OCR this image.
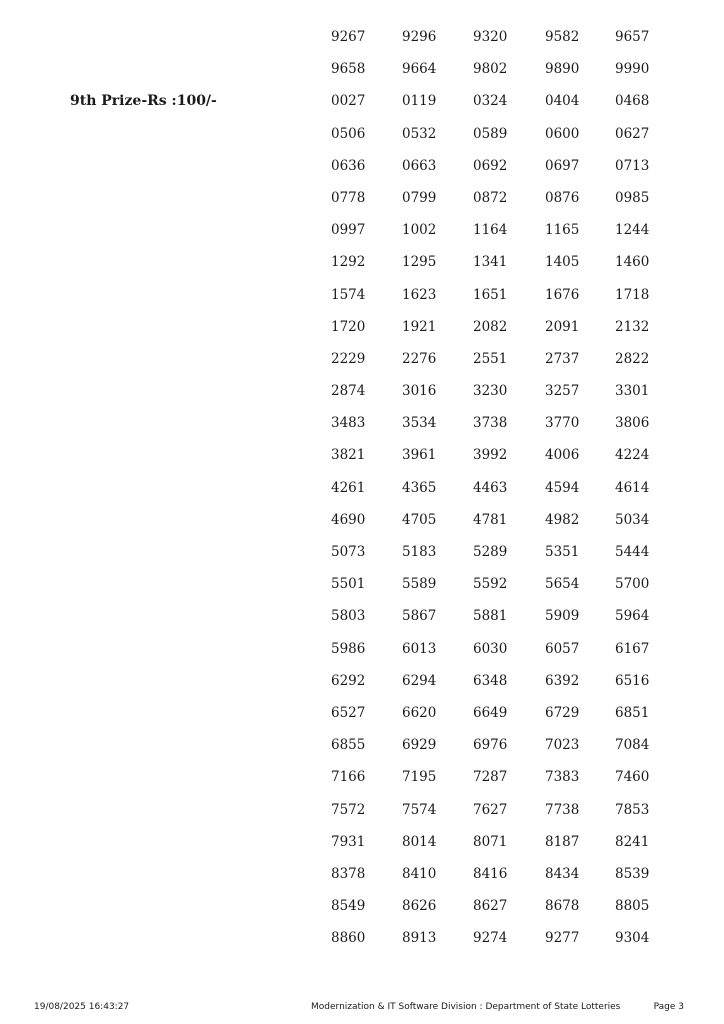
9th Prize-Rs :100/-
9267	9296	9320	9582	9657
9658	9664	9802	9890	9990
0027	0119	0324	0404	0468
0506	0532	0589	0600	0627
0636	0663	0692	0697	0713
0778	0799	0872	0876	0985
0997	1002	1164	1165	1244
1292	1295	1341	1405	1460
1574	1623	1651	1676	1718
1720	1921	2082	2091	2132
2229	2276	2551	2737	2822
2874	3016	3230	3257	3301
3483	3534	3738	3770	3806
3821	3961	3992	4006	4224
4261	4365	4463	4594	4614
4690	4705	4781	4982	5034
5073	5183	5289	5351	5444
5501	5589	5592	5654	5700
5803	5867	5881	5909	5964
5986	6013	6030	6057	6167
6292	6294	6348	6392	6516
6527	6620	6649	6729	6851
6855	6929	6976	7023	7084
7166	7195	7287	7383	7460
7572	7574	7627	7738	7853
7931	8014	8071	8187	8241
8378	8410	8416	8434	8539
8549	8626	8627	8678	8805
8860	8913	9274	9277	9304
19/08/2025 16:43:27	Modernization & IT Software Division : Department of State Lotteries	Page 3
